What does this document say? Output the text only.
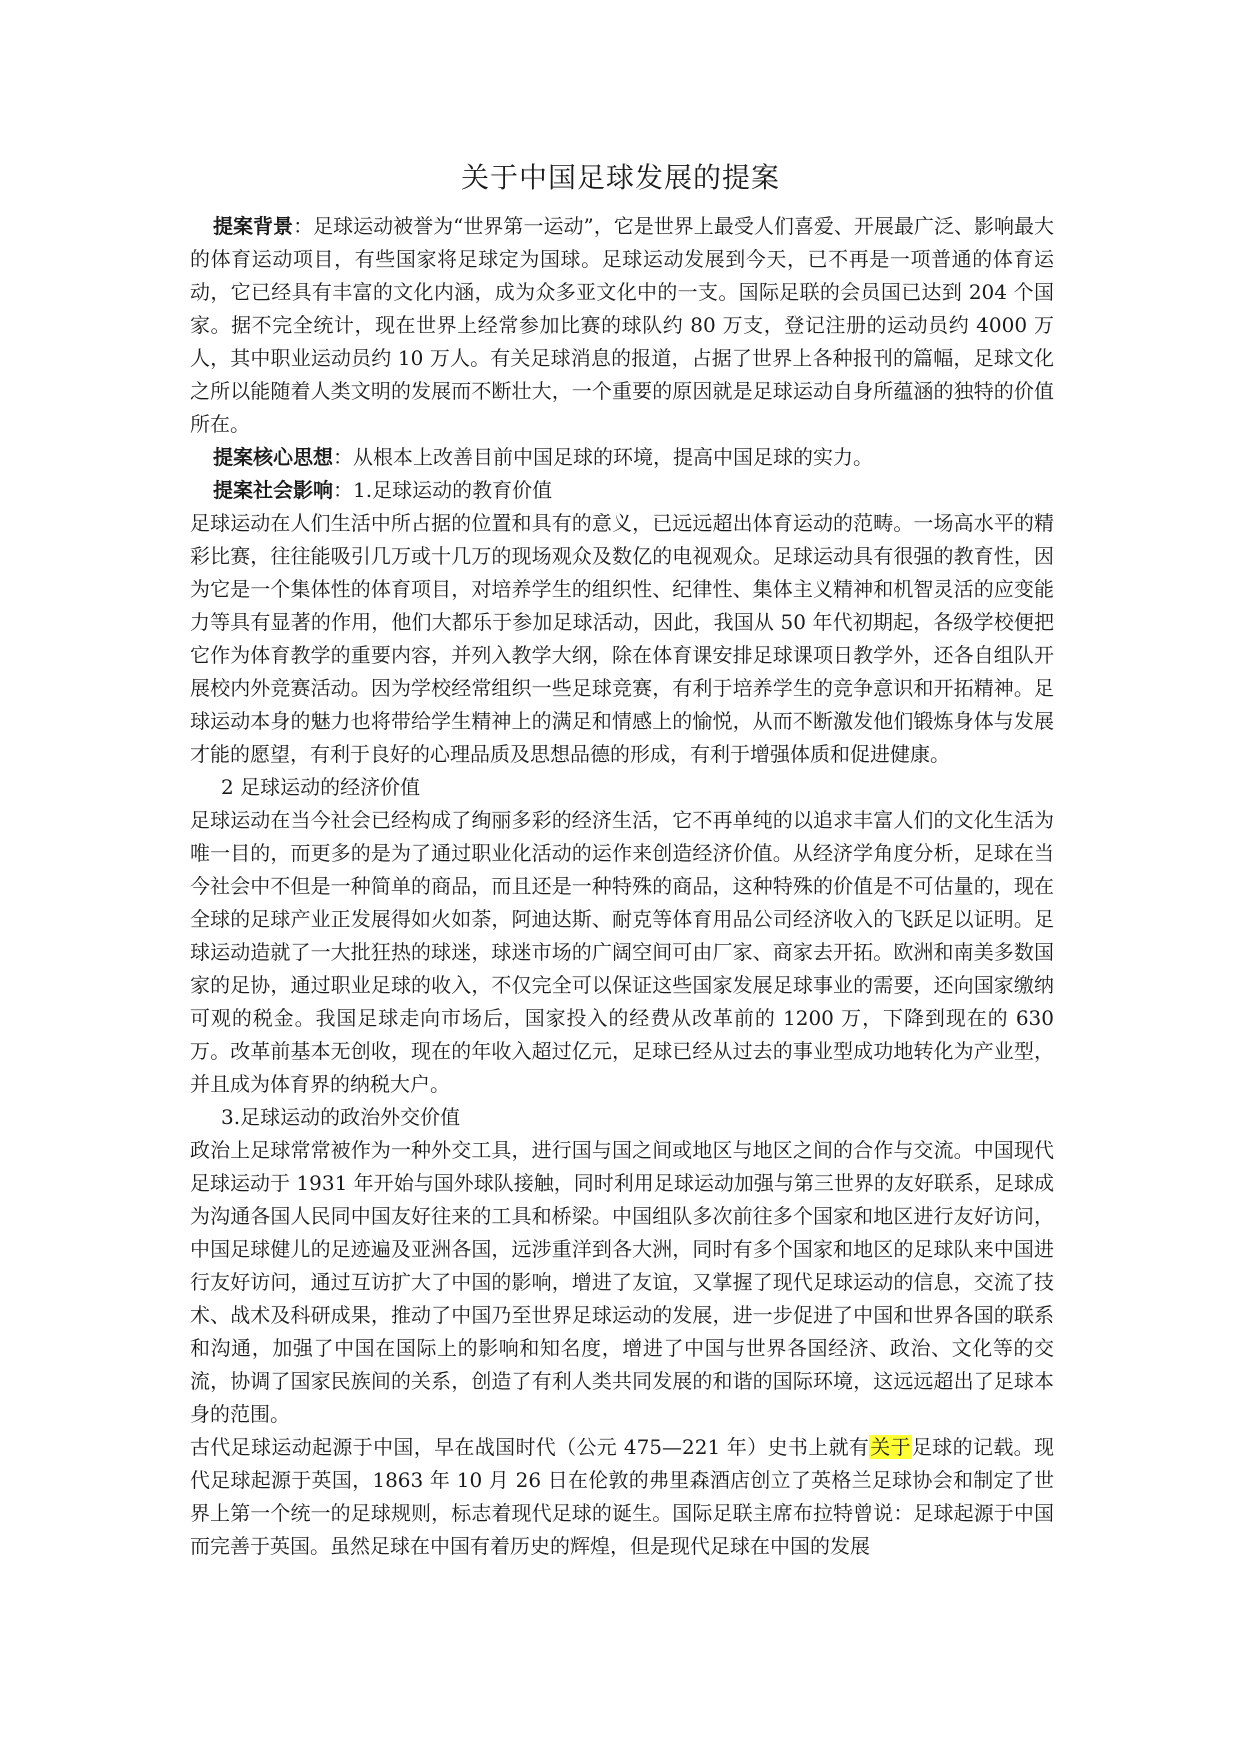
关于中国足球发展的提案

提案背景：足球运动被誉为“世界第一运动”，它是世界上最受人们喜爱、开展最广泛、影响最大的体育运动项目，有些国家将足球定为国球。足球运动发展到今天，已不再是一项普通的体育运动，它已经具有丰富的文化内涵，成为众多亚文化中的一支。国际足联的会员国已达到 204 个国家。据不完全统计，现在世界上经常参加比赛的球队约 80 万支，登记注册的运动员约 4000 万人，其中职业运动员约 10 万人。有关足球消息的报道，占据了世界上各种报刊的篇幅，足球文化之所以能随着人类文明的发展而不断壮大，一个重要的原因就是足球运动自身所蕴涵的独特的价值所在。

提案核心思想：从根本上改善目前中国足球的环境，提高中国足球的实力。

提案社会影响：1.足球运动的教育价值

足球运动在人们生活中所占据的位置和具有的意义，已远远超出体育运动的范畴。一场高水平的精彩比赛，往往能吸引几万或十几万的现场观众及数亿的电视观众。足球运动具有很强的教育性，因为它是一个集体性的体育项目，对培养学生的组织性、纪律性、集体主义精神和机智灵活的应变能力等具有显著的作用，他们大都乐于参加足球活动，因此，我国从 50 年代初期起，各级学校便把它作为体育教学的重要内容，并列入教学大纲，除在体育课安排足球课项日教学外，还各自组队开展校内外竞赛活动。因为学校经常组织一些足球竞赛，有利于培养学生的竞争意识和开拓精神。足球运动本身的魅力也将带给学生精神上的满足和情感上的愉悦，从而不断激发他们锻炼身体与发展才能的愿望，有利于良好的心理品质及思想品德的形成，有利于增强体质和促进健康。

2 足球运动的经济价值

足球运动在当今社会已经构成了绚丽多彩的经济生活，它不再单纯的以追求丰富人们的文化生活为唯一目的，而更多的是为了通过职业化活动的运作来创造经济价值。从经济学角度分析，足球在当今社会中不但是一种简单的商品，而且还是一种特殊的商品，这种特殊的价值是不可估量的，现在全球的足球产业正发展得如火如荼，阿迪达斯、耐克等体育用品公司经济收入的飞跃足以证明。足球运动造就了一大批狂热的球迷，球迷市场的广阔空间可由厂家、商家去开拓。欧洲和南美多数国家的足协，通过职业足球的收入，不仅完全可以保证这些国家发展足球事业的需要，还向国家缴纳可观的税金。我国足球走向市场后，国家投入的经费从改革前的 1200 万，下降到现在的 630 万。改革前基本无创收，现在的年收入超过亿元，足球已经从过去的事业型成功地转化为产业型，并且成为体育界的纳税大户。

3.足球运动的政治外交价值

政治上足球常常被作为一种外交工具，进行国与国之间或地区与地区之间的合作与交流。中国现代足球运动于 1931 年开始与国外球队接触，同时利用足球运动加强与第三世界的友好联系，足球成为沟通各国人民同中国友好往来的工具和桥梁。中国组队多次前往多个国家和地区进行友好访问，中国足球健儿的足迹遍及亚洲各国，远涉重洋到各大洲，同时有多个国家和地区的足球队来中国进行友好访问，通过互访扩大了中国的影响，增进了友谊，又掌握了现代足球运动的信息，交流了技术、战术及科研成果，推动了中国乃至世界足球运动的发展，进一步促进了中国和世界各国的联系和沟通，加强了中国在国际上的影响和知名度，增进了中国与世界各国经济、政治、文化等的交流，协调了国家民族间的关系，创造了有利人类共同发展的和谐的国际环境，这远远超出了足球本身的范围。

古代足球运动起源于中国，早在战国时代（公元 475—221 年）史书上就有关于足球的记载。现代足球起源于英国，1863 年 10 月 26 日在伦敦的弗里森酒店创立了英格兰足球协会和制定了世界上第一个统一的足球规则，标志着现代足球的诞生。国际足联主席布拉特曾说：足球起源于中国而完善于英国。虽然足球在中国有着历史的辉煌，但是现代足球在中国的发展
